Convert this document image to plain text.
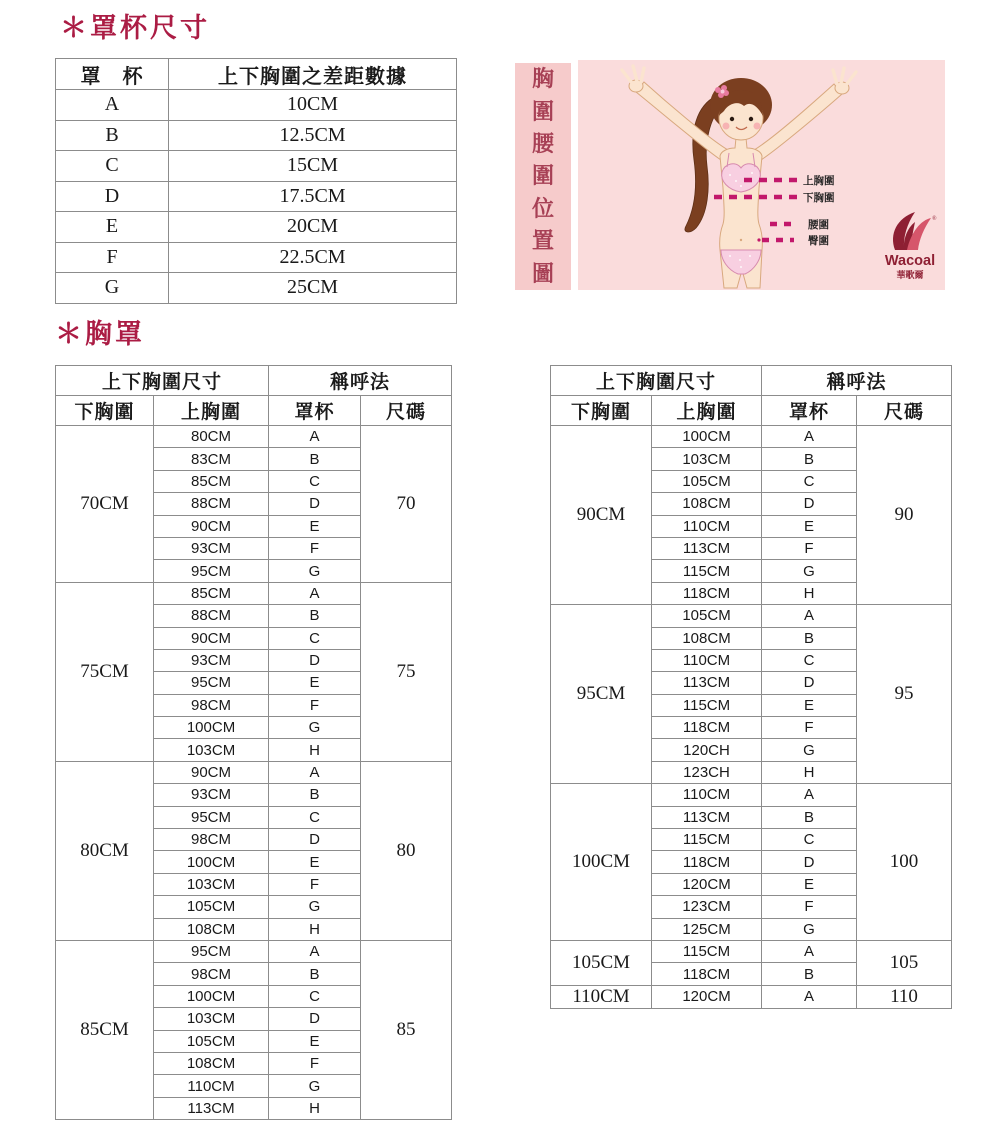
＊罩杯尺寸
罩　杯	上下胸圍之差距數據
A	10CM
B	12.5CM
C	15CM
D	17.5CM
E	20CM
F	22.5CM
G	25CM
胸
圍
腰
圍
位
置
圖
上胸圍
下胸圍
腰圍
臀圍
®
Wacoal
華歌爾
＊胸罩
上下胸圍尺寸		稱呼法	
下胸圍	上胸圍	罩杯	尺碼
70CM	80CM	A	70
	83CM	B	
	85CM	C	
	88CM	D	
	90CM	E	
	93CM	F	
	95CM	G	
75CM	85CM	A	75
	88CM	B	
	90CM	C	
	93CM	D	
	95CM	E	
	98CM	F	
	100CM	G	
	103CM	H	
80CM	90CM	A	80
	93CM	B	
	95CM	C	
	98CM	D	
	100CM	E	
	103CM	F	
	105CM	G	
	108CM	H	
85CM	95CM	A	85
	98CM	B	
	100CM	C	
	103CM	D	
	105CM	E	
	108CM	F	
	110CM	G	
	113CM	H	
上下胸圍尺寸		稱呼法	
下胸圍	上胸圍	罩杯	尺碼
90CM	100CM	A	90
	103CM	B	
	105CM	C	
	108CM	D	
	110CM	E	
	113CM	F	
	115CM	G	
	118CM	H	
95CM	105CM	A	95
	108CM	B	
	110CM	C	
	113CM	D	
	115CM	E	
	118CM	F	
	120CH	G	
	123CH	H	
100CM	110CM	A	100
	113CM	B	
	115CM	C	
	118CM	D	
	120CM	E	
	123CM	F	
	125CM	G	
105CM	115CM	A	105
	118CM	B	
110CM	120CM	A	110
